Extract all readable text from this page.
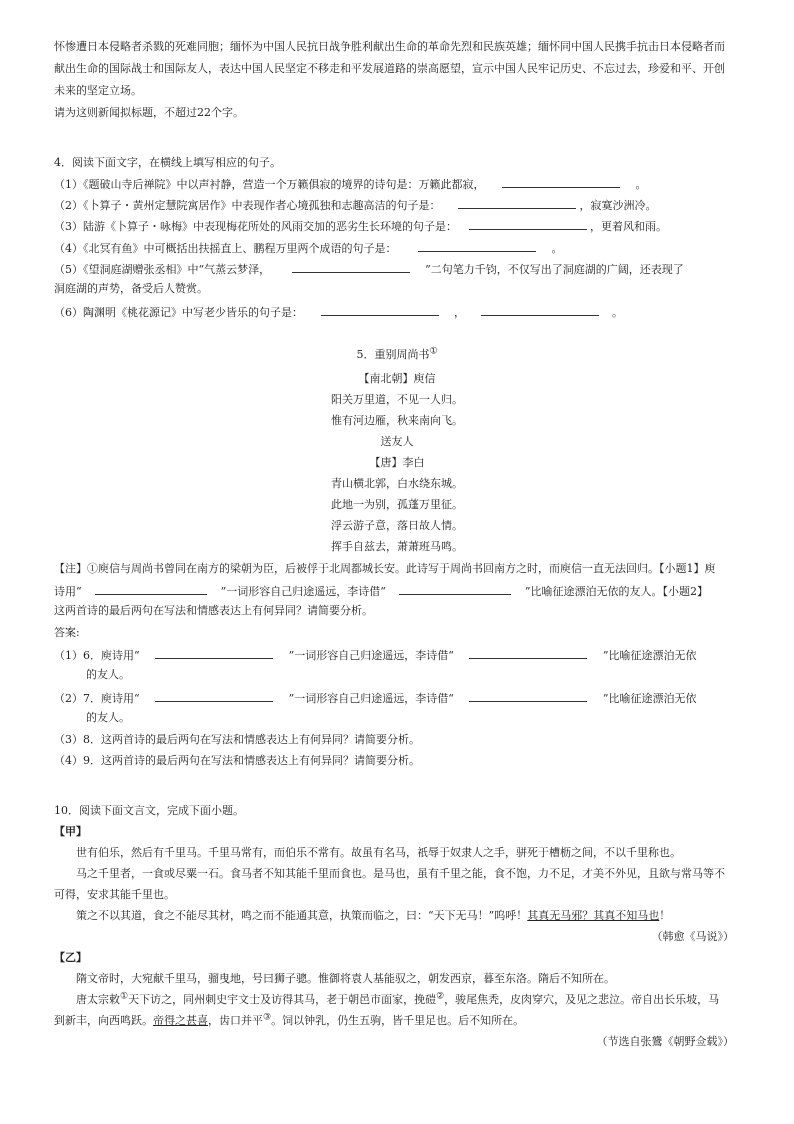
怀惨遭日本侵略者杀戮的死难同胞；缅怀为中国人民抗日战争胜利献出生命的革命先烈和民族英雄；缅怀同中国人民携手抗击日本侵略者而
献出生命的国际战士和国际友人，表达中国人民坚定不移走和平发展道路的崇高愿望，宣示中国人民牢记历史、不忘过去，珍爱和平、开创
未来的坚定立场。
请为这则新闻拟标题，不超过22个字。
4．阅读下面文字，在横线上填写相应的句子。
（1）《题破山寺后禅院》中以声衬静，营造一个万籁俱寂的境界的诗句是：万籁此都寂，	。
（2）《卜算子・黄州定慧院寓居作》中表现作者心境孤独和志趣高洁的句子是：	，寂寞沙洲冷。
（3）陆游《卜算子・咏梅》中表现梅花所处的风雨交加的恶劣生长环境的句子是：	，更着风和雨。
（4）《北冥有鱼》中可概括出扶摇直上、鹏程万里两个成语的句子是：	。
（5）《望洞庭湖赠张丞相》中“气蒸云梦泽，	”二句笔力千钧，不仅写出了洞庭湖的广阔，还表现了
洞庭湖的声势，备受后人赞赏。
（6）陶渊明《桃花源记》中写老少皆乐的句子是：	，	。
5．重别周尚书①
【南北朝】庾信
阳关万里道，不见一人归。
惟有河边雁，秋来南向飞。
送友人
【唐】李白
青山横北郭，白水绕东城。
此地一为别，孤蓬万里征。
浮云游子意，落日故人情。
挥手自兹去，萧萧班马鸣。
【注】①庾信与周尚书曾同在南方的梁朝为臣，后被俘于北周都城长安。此诗写于周尚书回南方之时，而庾信一直无法回归。【小题1】庾
诗用“	”一词形容自己归途遥远，李诗借“	”比喻征途漂泊无依的友人。【小题2】
这两首诗的最后两句在写法和情感表达上有何异同？请简要分析。
答案:
（1）6．庾诗用“	”一词形容自己归途遥远，李诗借“	”比喻征途漂泊无依
的友人。
（2）7．庾诗用“	”一词形容自己归途遥远，李诗借“	”比喻征途漂泊无依
的友人。
（3）8．这两首诗的最后两句在写法和情感表达上有何异同？请简要分析。
（4）9．这两首诗的最后两句在写法和情感表达上有何异同？请简要分析。
10．阅读下面文言文，完成下面小题。
【甲】
世有伯乐，然后有千里马。千里马常有，而伯乐不常有。故虽有名马，祇辱于奴隶人之手，骈死于槽枥之间，不以千里称也。
马之千里者，一食或尽粟一石。食马者不知其能千里而食也。是马也，虽有千里之能，食不饱，力不足，才美不外见，且欲与常马等不
可得，安求其能千里也。
策之不以其道，食之不能尽其材，鸣之而不能通其意，执策而临之，曰：“天下无马！”呜呼！其真无马邪？其真不知马也！
（韩愈《马说》）
【乙】
隋文帝时，大宛献千里马，骝曳地，号曰狮子骢。惟御将袁人基能驭之，朝发西京，暮至东洛。隋后不知所在。
唐太宗敕①天下访之，同州刺史宇文士及访得其马，老于朝邑市面家，挽磑②，骏尾焦秃，皮肉穿穴，及见之悲泣。帝自出长乐坡，马
到新丰，向西鸣跃。帝得之甚喜，齿口并平③。饲以钟乳，仍生五驹，皆千里足也。后不知所在。
（节选自张鷟《朝野佥载》）
